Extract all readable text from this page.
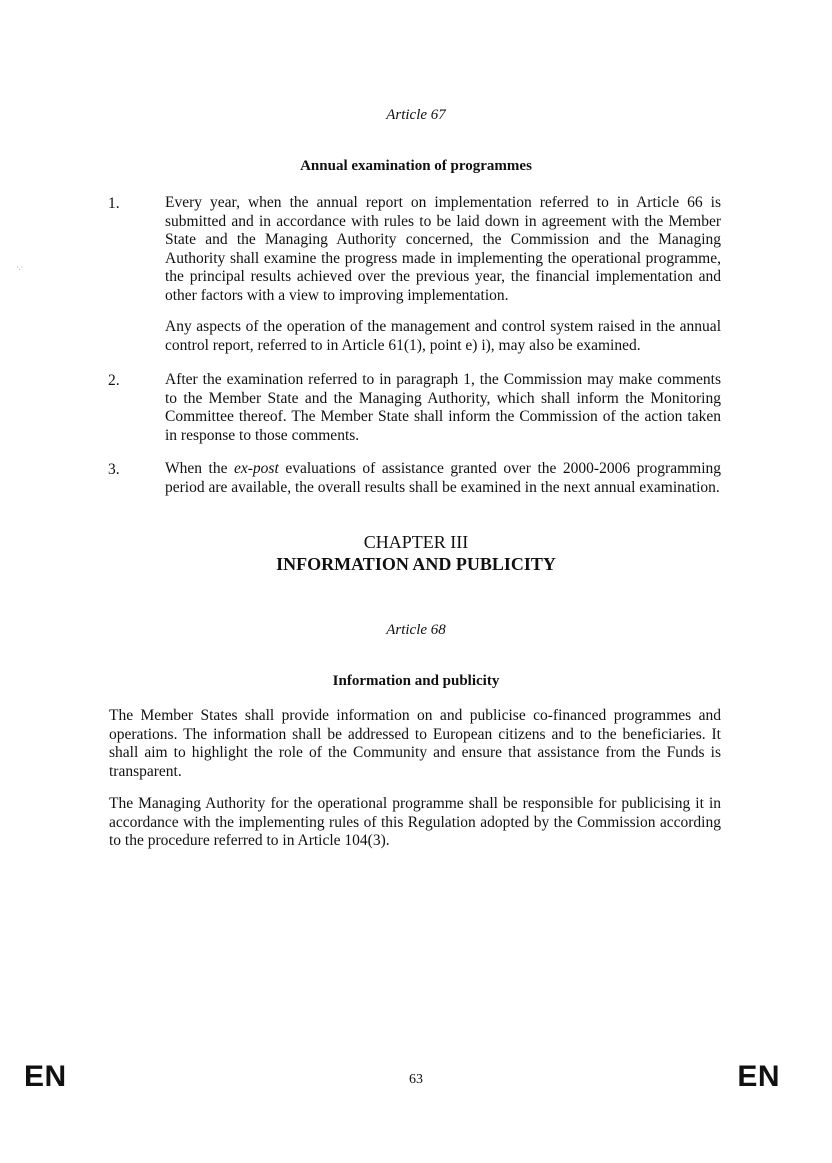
Article 67
Annual examination of programmes
1.	Every year, when the annual report on implementation referred to in Article 66 is submitted and in accordance with rules to be laid down in agreement with the Member State and the Managing Authority concerned, the Commission and the Managing Authority shall examine the progress made in implementing the operational programme, the principal results achieved over the previous year, the financial implementation and other factors with a view to improving implementation.

Any aspects of the operation of the management and control system raised in the annual control report, referred to in Article 61(1), point e) i), may also be examined.

2.	After the examination referred to in paragraph 1, the Commission may make comments to the Member State and the Managing Authority, which shall inform the Monitoring Committee thereof. The Member State shall inform the Commission of the action taken in response to those comments.

3.	When the ex-post evaluations of assistance granted over the 2000-2006 programming period are available, the overall results shall be examined in the next annual examination.

CHAPTER III
INFORMATION AND PUBLICITY
Article 68
Information and publicity

The Member States shall provide information on and publicise co-financed programmes and operations. The information shall be addressed to European citizens and to the beneficiaries. It shall aim to highlight the role of the Community and ensure that assistance from the Funds is transparent.

The Managing Authority for the operational programme shall be responsible for publicising it in accordance with the implementing rules of this Regulation adopted by the Commission according to the procedure referred to in Article 104(3).

EN	63	EN
·.·
